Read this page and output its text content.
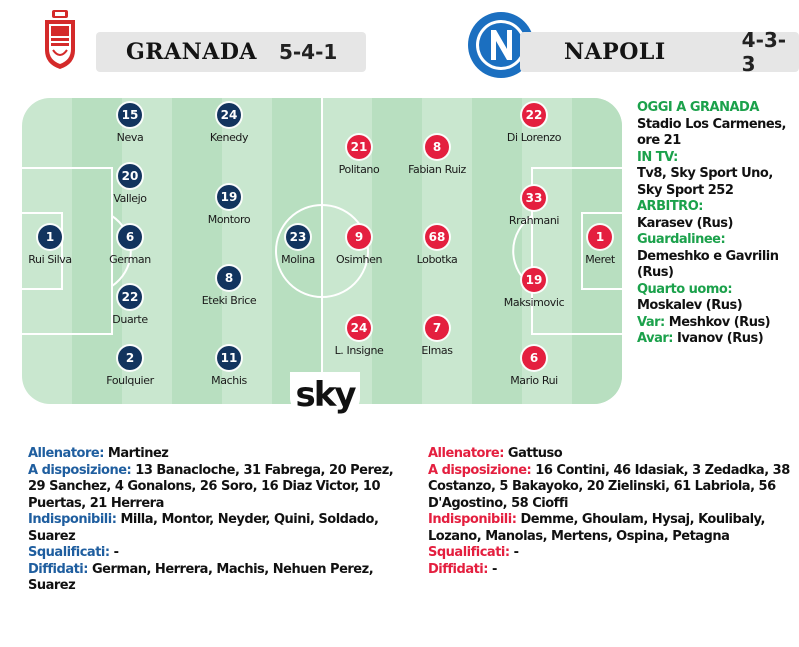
GRANADA 5-4-1	NAPOLI	4-3-3
1
Rui Silva
15
Neva
20
Vallejo
6
German
22
Duarte
2
Foulquier
24
Kenedy
19
Montoro
8
Eteki Brice
11
Machis
23
Molina
1
Meret
22
Di Lorenzo
33
Rrahmani
19
Maksimovic
6
Mario Rui
8
Fabian Ruiz
68
Lobotka
7
Elmas
21
Politano
9
Osimhen
24
L. Insigne
sky
OGGI A GRANADA
Stadio Los Carmenes, ore 21
IN TV:
Tv8, Sky Sport Uno, Sky Sport 252
ARBITRO:
Karasev (Rus)
Guardalinee:
Demeshko e Gavrilin (Rus)
Quarto uomo:
Moskalev (Rus)
Var: Meshkov (Rus)
Avar: Ivanov (Rus)
Allenatore: Martinez
A disposizione: 13 Banacloche, 31 Fabrega, 20 Perez, 29 Sanchez, 4 Gonalons, 26 Soro, 16 Diaz Victor, 10 Puertas, 21 Herrera
Indisponibili: Milla, Montor, Neyder, Quini, Soldado, Suarez
Squalificati: -
Diffidati: German, Herrera, Machis, Nehuen Perez, Suarez
Allenatore: Gattuso
A disposizione: 16 Contini, 46 Idasiak, 3 Zedadka, 38 Costanzo, 5 Bakayoko, 20 Zielinski, 61 Labriola, 56 D'Agostino, 58 Cioffi
Indisponibili: Demme, Ghoulam, Hysaj, Koulibaly, Lozano, Manolas, Mertens, Ospina, Petagna
Squalificati: -
Diffidati: -
